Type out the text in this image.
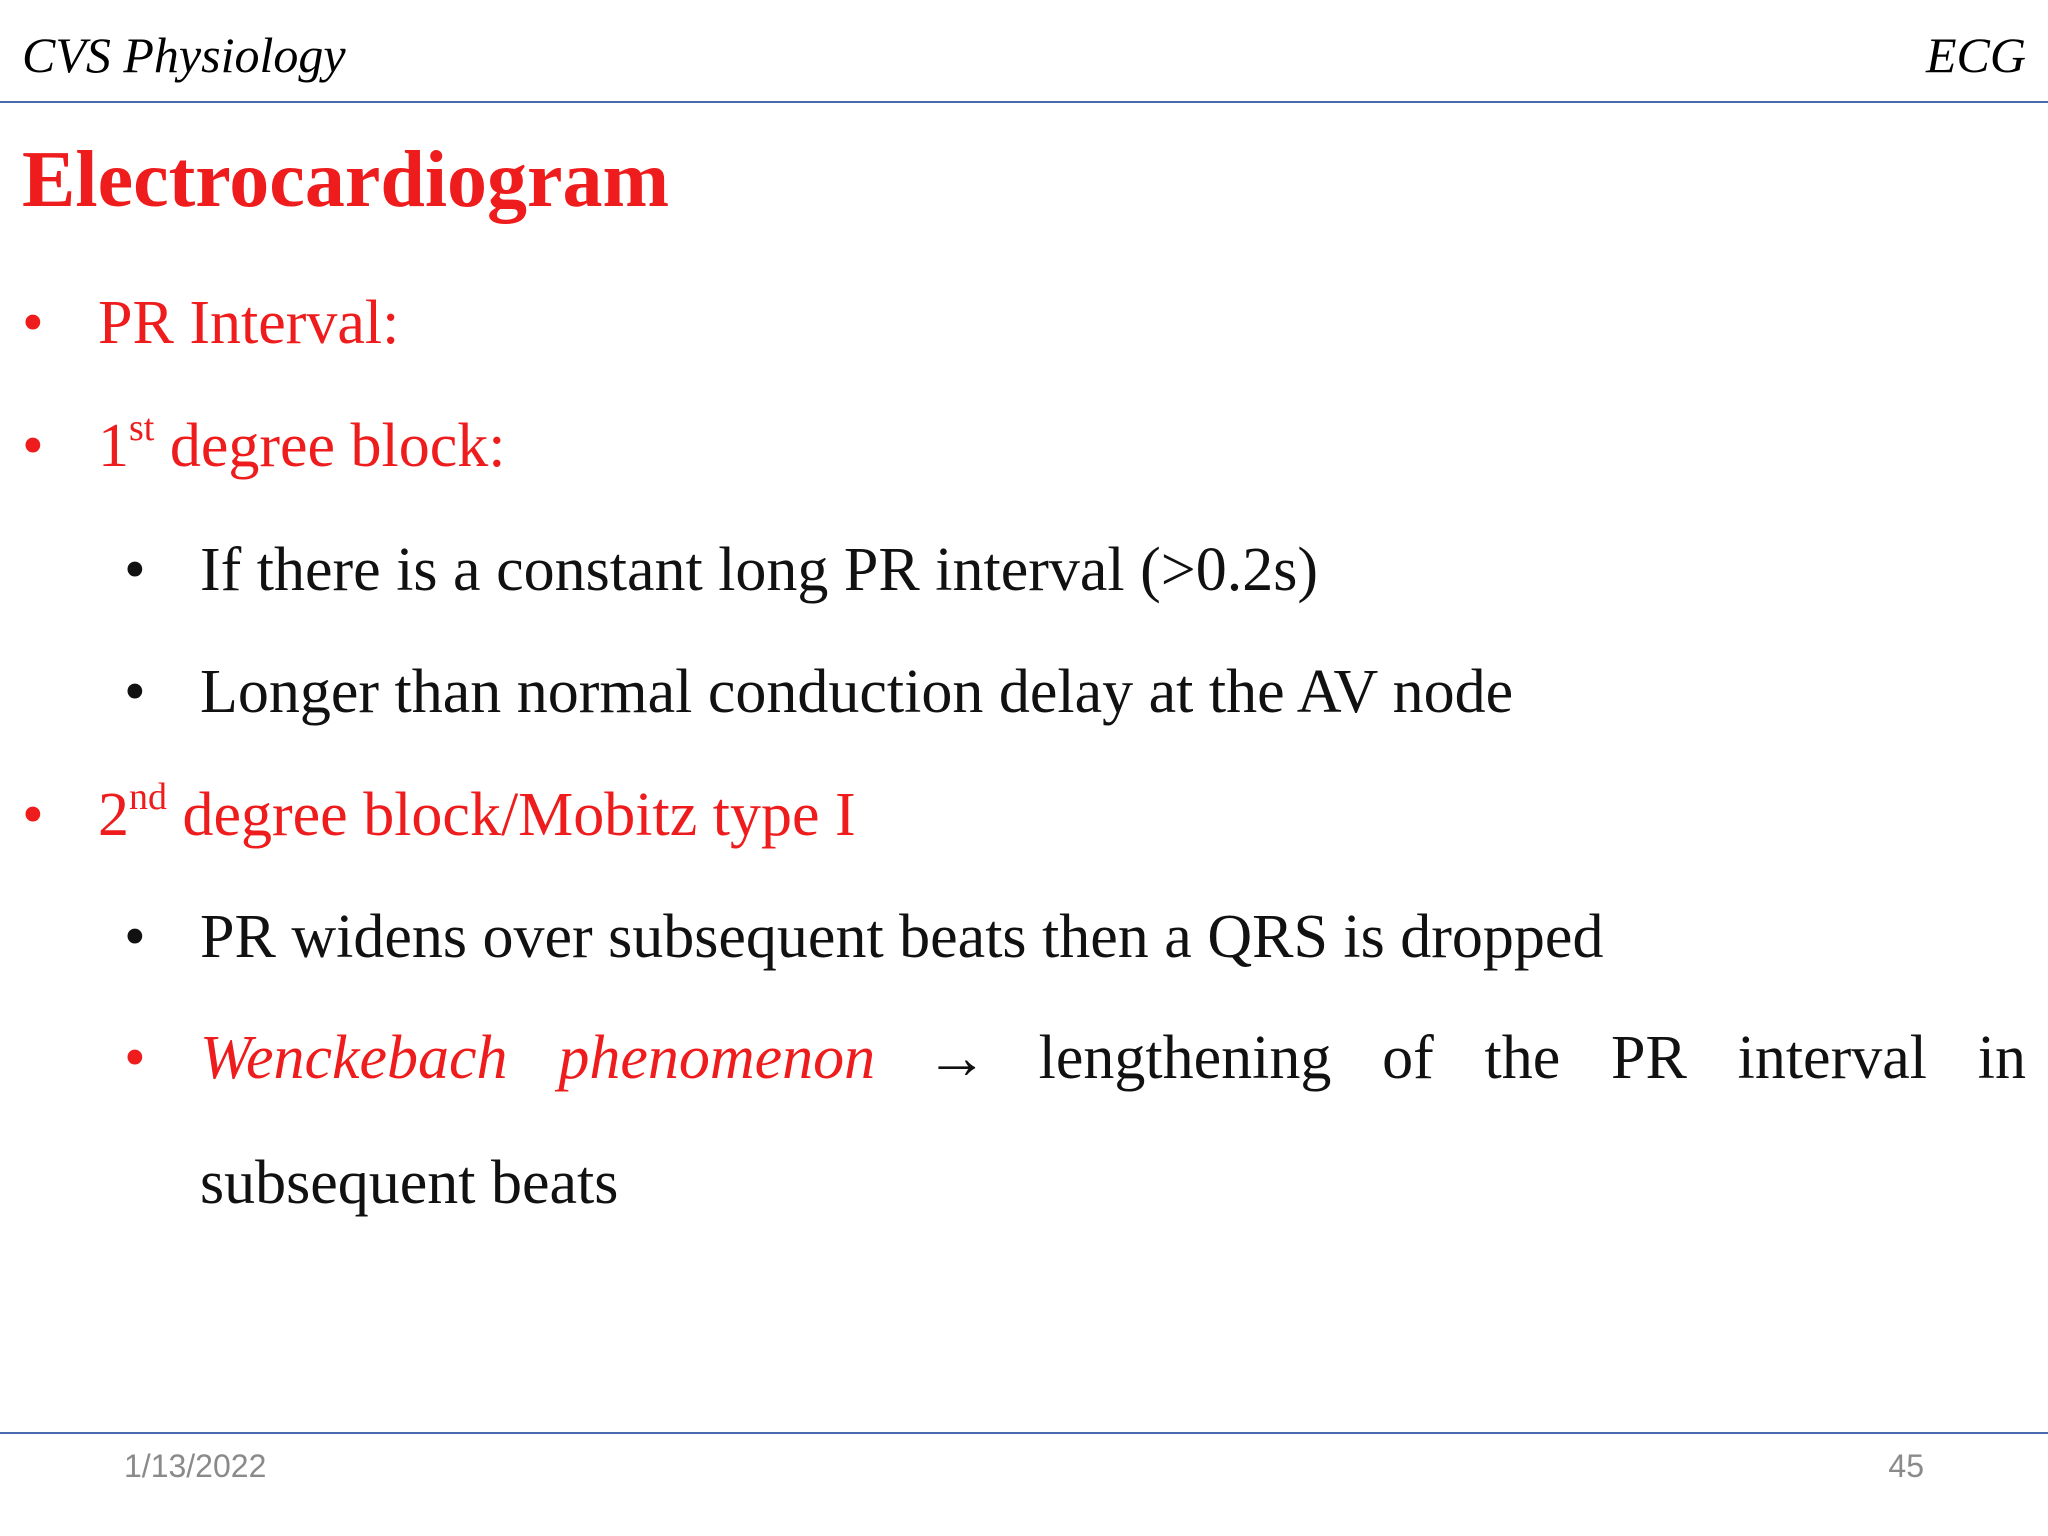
CVS Physiology	ECG
Electrocardiogram
• PR Interval:
• 1st degree block:
• If there is a constant long PR interval (>0.2s)
• Longer than normal conduction delay at the AV node
• 2nd degree block/Mobitz type I
• PR widens over subsequent beats then a QRS is dropped
• Wenckebach phenomenon → lengthening of the PR interval in
subsequent beats
1/13/2022	45
